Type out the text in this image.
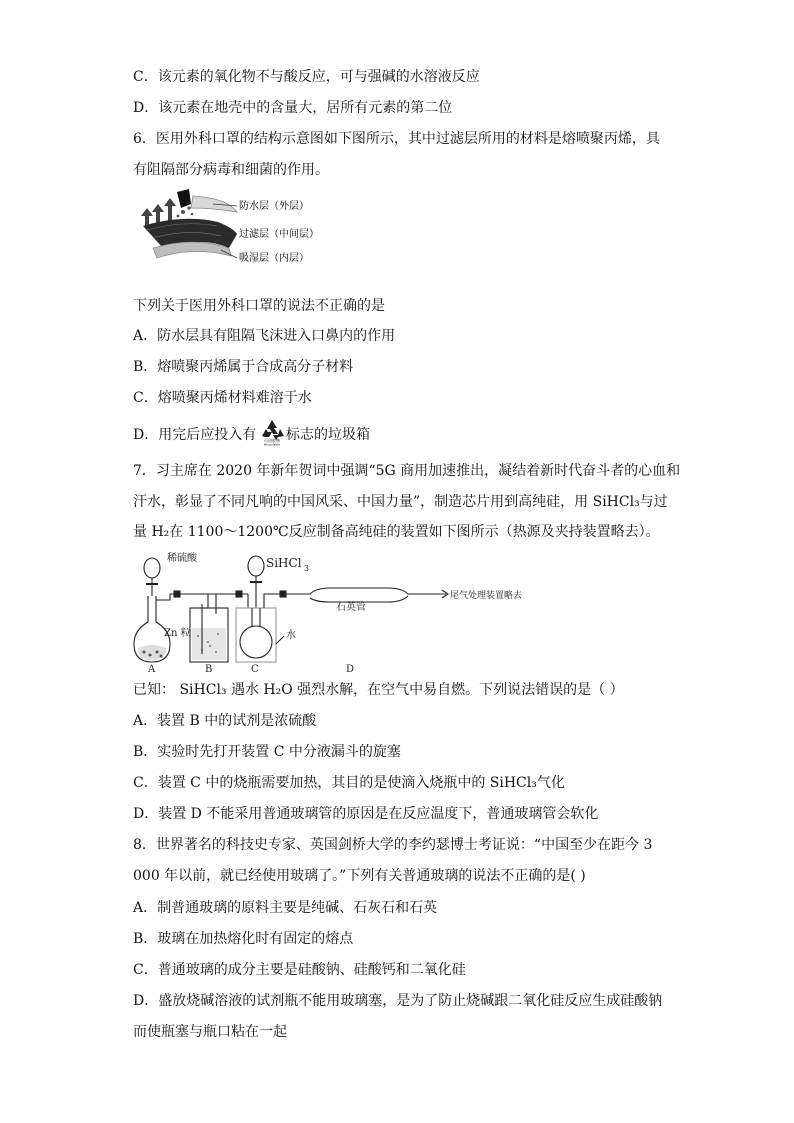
C．该元素的氧化物不与酸反应，可与强碱的水溶液反应
D．该元素在地壳中的含量大，居所有元素的第二位
6．医用外科口罩的结构示意图如下图所示，其中过滤层所用的材料是熔喷聚丙烯，具
有阻隔部分病毒和细菌的作用。
防水层（外层）
过滤层（中间层）
吸湿层（内层）
下列关于医用外科口罩的说法不正确的是
A．防水层具有阻隔飞沫进入口鼻内的作用
B．熔喷聚丙烯属于合成高分子材料
C．熔喷聚丙烯材料难溶于水
D．用完后应投入有 可回收物
Recyclable
标志的垃圾箱
7．习主席在 2020 年新年贺词中强调“5G 商用加速推出，凝结着新时代奋斗者的心血和
汗水，彰显了不同凡响的中国风采、中国力量”，制造芯片用到高纯硅，用 SiHCl₃与过
量 H₂在 1100～1200℃反应制备高纯硅的装置如下图所示（热源及夹持装置略去）。
稀硫酸	SiHCl 3
Zn 粒	水
石英管
尾气处理装置略去
A	B	C	D
已知： SiHCl₃ 遇水 H₂O 强烈水解，在空气中易自燃。下列说法错误的是（ ）
A．装置 B 中的试剂是浓硫酸
B．实验时先打开装置 C 中分液漏斗的旋塞
C．装置 C 中的烧瓶需要加热，其目的是使滴入烧瓶中的 SiHCl₃气化
D．装置 D 不能采用普通玻璃管的原因是在反应温度下，普通玻璃管会软化
8．世界著名的科技史专家、英国剑桥大学的李约瑟博士考证说：“中国至少在距今 3
000 年以前，就已经使用玻璃了。”下列有关普通玻璃的说法不正确的是( )
A．制普通玻璃的原料主要是纯碱、石灰石和石英
B．玻璃在加热熔化时有固定的熔点
C．普通玻璃的成分主要是硅酸钠、硅酸钙和二氧化硅
D．盛放烧碱溶液的试剂瓶不能用玻璃塞，是为了防止烧碱跟二氧化硅反应生成硅酸钠
而使瓶塞与瓶口粘在一起
